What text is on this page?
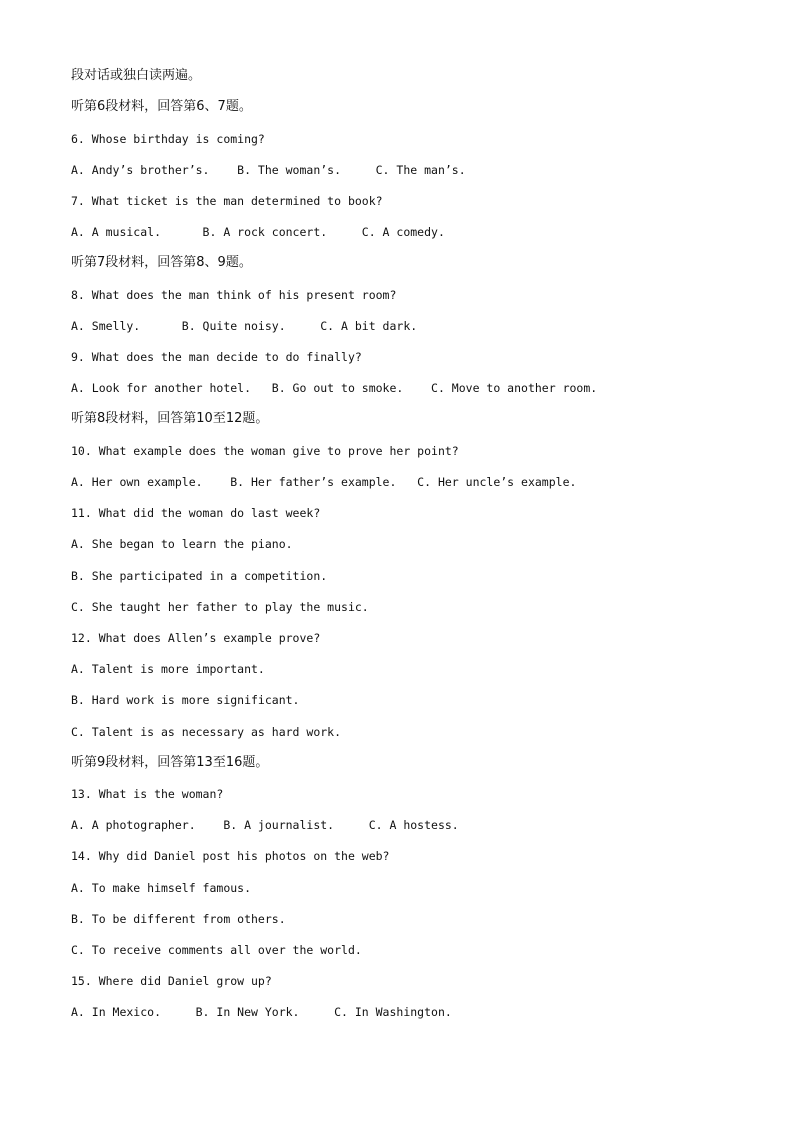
段对话或独白读两遍。

听第6段材料，回答第6、7题。

6. Whose birthday is coming?

A. Andy’s brother’s.    B. The woman’s.     C. The man’s.

7. What ticket is the man determined to book?

A. A musical.      B. A rock concert.     C. A comedy.

听第7段材料，回答第8、9题。

8. What does the man think of his present room?

A. Smelly.      B. Quite noisy.     C. A bit dark.

9. What does the man decide to do finally?

A. Look for another hotel.   B. Go out to smoke.    C. Move to another room.

听第8段材料，回答第10至12题。

10. What example does the woman give to prove her point?

A. Her own example.    B. Her father’s example.   C. Her uncle’s example.

11. What did the woman do last week?

A. She began to learn the piano.

B. She participated in a competition.

C. She taught her father to play the music.

12. What does Allen’s example prove?

A. Talent is more important.

B. Hard work is more significant.

C. Talent is as necessary as hard work.

听第9段材料，回答第13至16题。

13. What is the woman?

A. A photographer.    B. A journalist.     C. A hostess.

14. Why did Daniel post his photos on the web?

A. To make himself famous.

B. To be different from others.

C. To receive comments all over the world.

15. Where did Daniel grow up?

A. In Mexico.     B. In New York.     C. In Washington.
